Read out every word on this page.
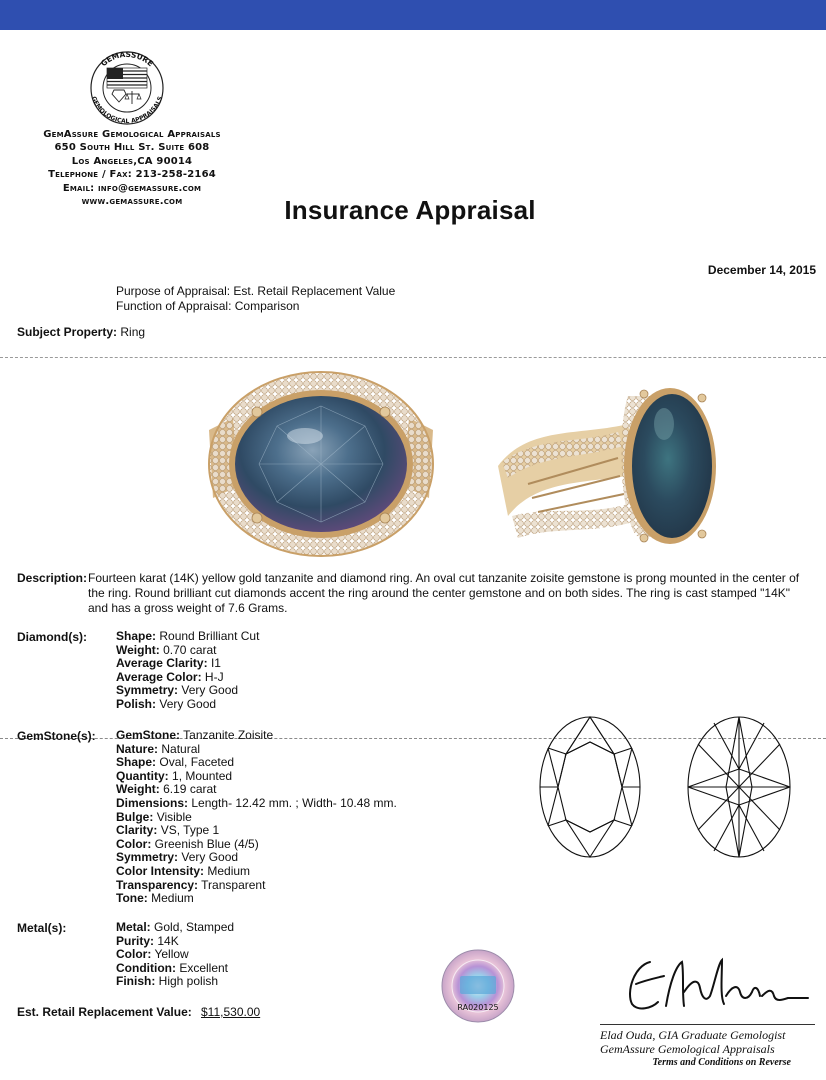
GEMASSURE
GEMOLOGICAL APPRAISALS
GemAssure Gemological Appraisals
650 South Hill St. Suite 608
Los Angeles,CA 90014
Telephone / Fax: 213-258-2164
Email: info@gemassure.com
www.gemassure.com	Insurance Appraisal
December 14, 2015
Purpose of Appraisal: Est. Retail Replacement Value
Function of Appraisal: Comparison
Subject Property: Ring
Description: Fourteen karat (14K) yellow gold tanzanite and diamond ring. An oval cut tanzanite zoisite gemstone is prong mounted in the center of the ring. Round brilliant cut diamonds accent the ring around the center gemstone and on both sides. The ring is cast stamped "14K" and has a gross weight of 7.6 Grams.
Diamond(s): Shape: Round Brilliant Cut
Weight: 0.70 carat
Average Clarity: I1
Average Color: H-J
Symmetry: Very Good
Polish: Very Good
GemStone(s): GemStone: Tanzanite Zoisite
Nature: Natural
Shape: Oval, Faceted
Quantity: 1, Mounted
Weight: 6.19 carat
Dimensions: Length- 12.42 mm. ; Width- 10.48 mm.
Bulge: Visible
Clarity: VS, Type 1
Color: Greenish Blue (4/5)
Symmetry: Very Good
Color Intensity: Medium
Transparency: Transparent
Tone: Medium
Metal(s):	Metal: Gold, Stamped
Purity: 14K
Color: Yellow
Condition: Excellent
Finish: High polish
RA020125
Est. Retail Replacement Value: $11,530.00
Elad Ouda, GIA Graduate Gemologist
GemAssure Gemological Appraisals
Terms and Conditions on Reverse
